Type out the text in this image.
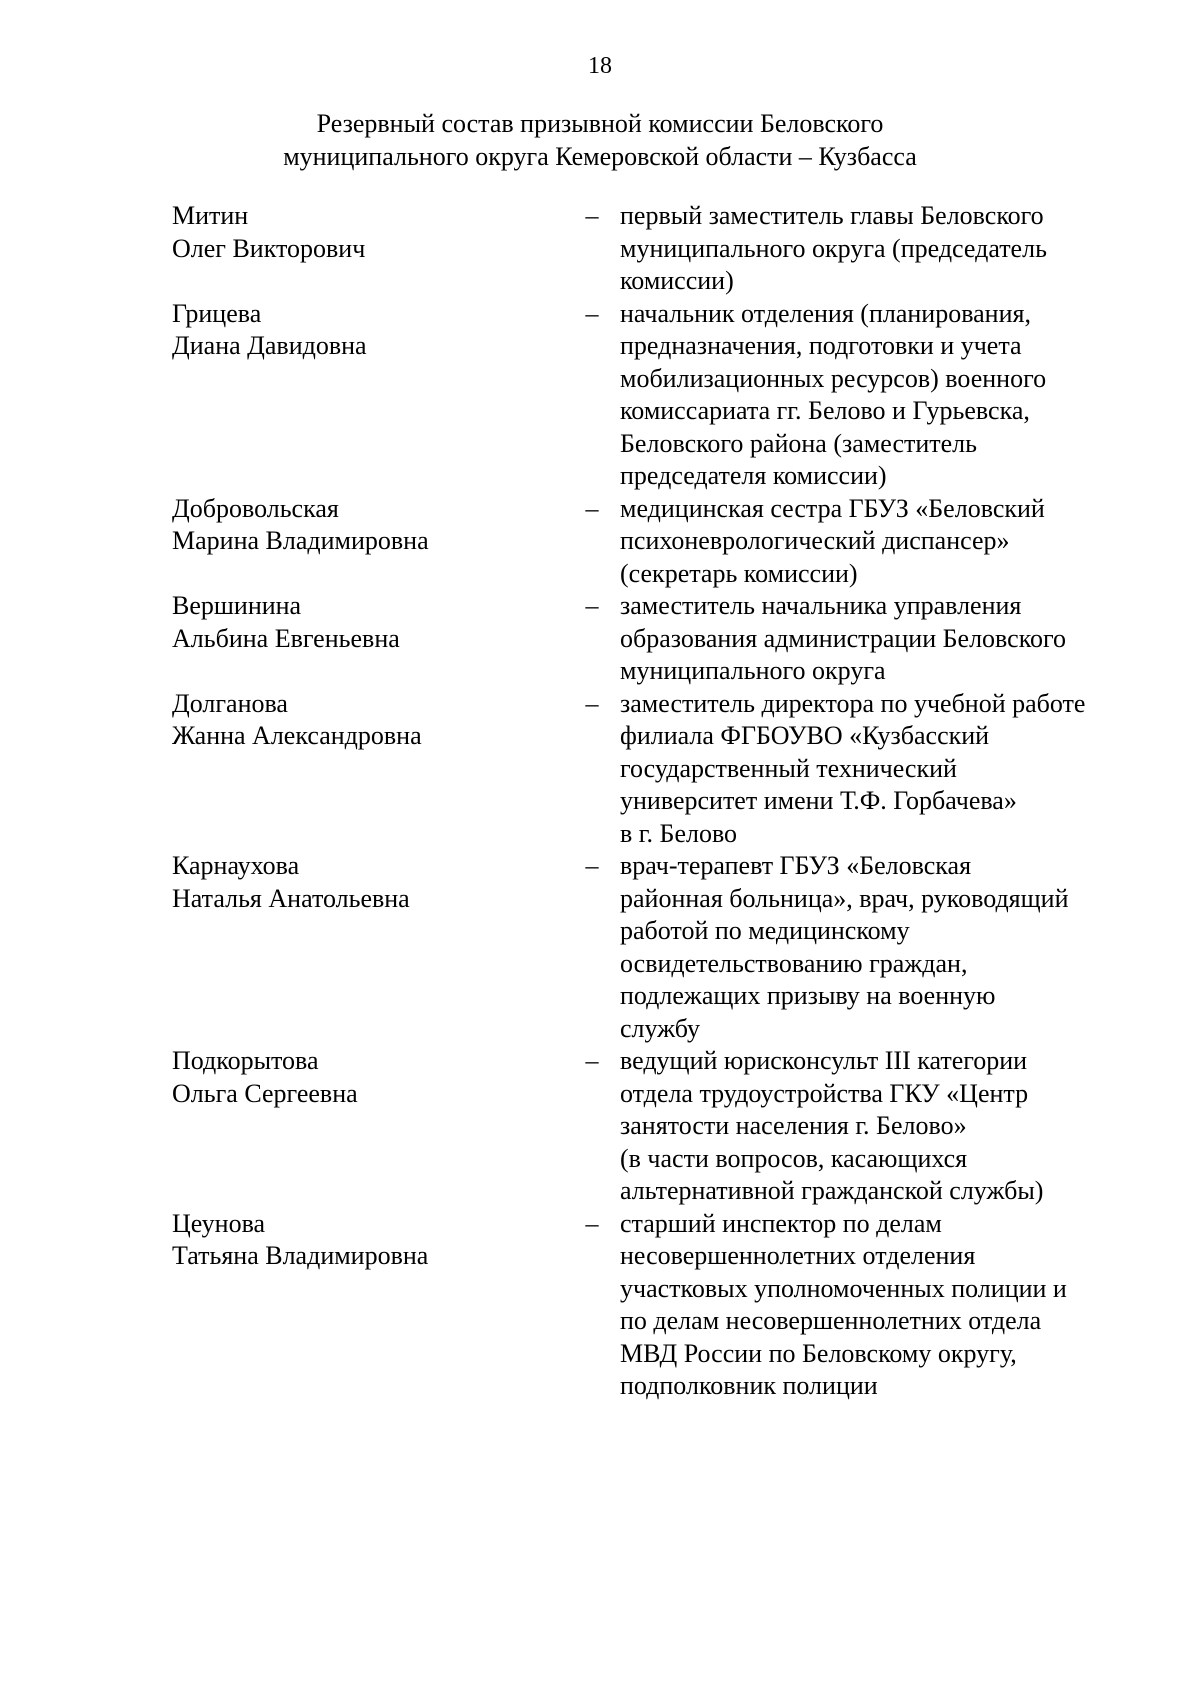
18
Резервный состав призывной комиссии Беловского
муниципального округа Кемеровской области – Кузбасса
Митин
Олег Викторович
– первый заместитель главы Беловского
муниципального округа (председатель
комиссии)
Грицева
Диана Давидовна
– начальник отделения (планирования,
предназначения, подготовки и учета
мобилизационных ресурсов) военного
комиссариата гг. Белово и Гурьевска,
Беловского района (заместитель
председателя комиссии)
Добровольская
Марина Владимировна
– медицинская сестра ГБУЗ «Беловский
психоневрологический диспансер»
(секретарь комиссии)
Вершинина
Альбина Евгеньевна
– заместитель начальника управления
образования администрации Беловского
муниципального округа
Долганова
Жанна Александровна
– заместитель директора по учебной работе
филиала ФГБОУВО «Кузбасский
государственный технический
университет имени Т.Ф. Горбачева»
в г. Белово
Карнаухова
Наталья Анатольевна
– врач-терапевт ГБУЗ «Беловская
районная больница», врач, руководящий
работой по медицинскому
освидетельствованию граждан,
подлежащих призыву на военную
службу
Подкорытова
Ольга Сергеевна
– ведущий юрисконсульт III категории
отдела трудоустройства ГКУ «Центр
занятости населения г. Белово»
(в части вопросов, касающихся
альтернативной гражданской службы)
Цеунова
Татьяна Владимировна
– старший инспектор по делам
несовершеннолетних отделения
участковых уполномоченных полиции и
по делам несовершеннолетних отдела
МВД России по Беловскому округу,
подполковник полиции
